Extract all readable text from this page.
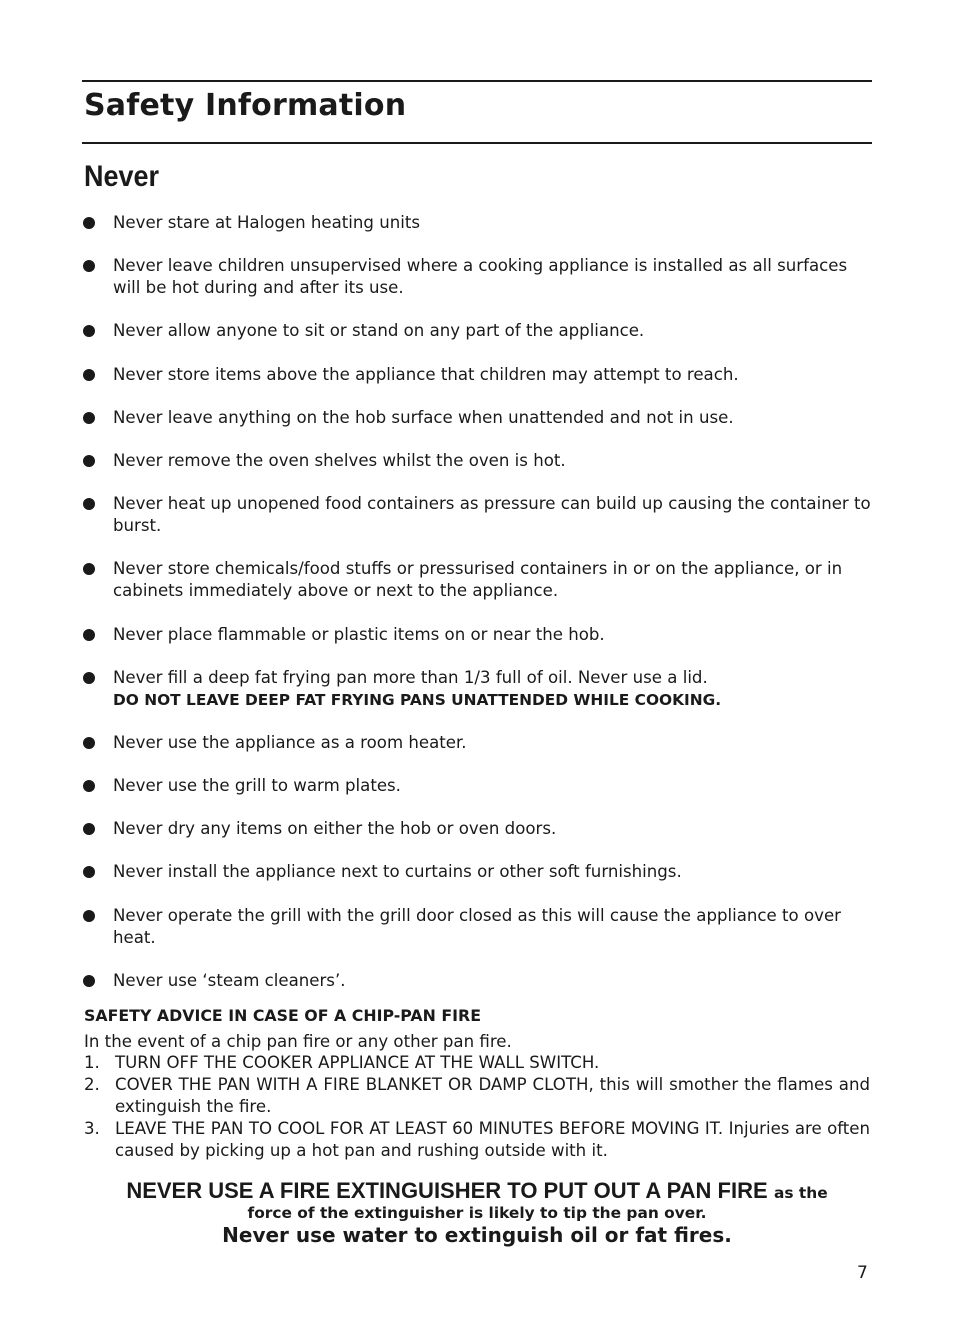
Safety Information
Never
Never stare at Halogen heating units
Never leave children unsupervised where a cooking appliance is installed as all surfaces will be hot during and after its use.
Never allow anyone to sit or stand on any part of the appliance.
Never store items above the appliance that children may attempt to reach.
Never leave anything on the hob surface when unattended and not in use.
Never remove the oven shelves whilst the oven is hot.
Never heat up unopened food containers as pressure can build up causing the container to burst.
Never store chemicals/food stuffs or pressurised containers in or on the appliance, or in cabinets immediately above or next to the appliance.
Never place flammable or plastic items on or near the hob.
Never fill a deep fat frying pan more than 1/3 full of oil. Never use a lid.
DO NOT LEAVE DEEP FAT FRYING PANS UNATTENDED WHILE COOKING.
Never use the appliance as a room heater.
Never use the grill to warm plates.
Never dry any items on either the hob or oven doors.
Never install the appliance next to curtains or other soft furnishings.
Never operate the grill with the grill door closed as this will cause the appliance to over heat.
Never use ‘steam cleaners’.
SAFETY ADVICE IN CASE OF A CHIP-PAN FIRE
In the event of a chip pan fire or any other pan fire.
1. TURN OFF THE COOKER APPLIANCE AT THE WALL SWITCH.
2. COVER THE PAN WITH A FIRE BLANKET OR DAMP CLOTH, this will smother the flames and extinguish the fire.
3. LEAVE THE PAN TO COOL FOR AT LEAST 60 MINUTES BEFORE MOVING IT. Injuries are often caused by picking up a hot pan and rushing outside with it.
NEVER USE A FIRE EXTINGUISHER TO PUT OUT A PAN FIRE as the
force of the extinguisher is likely to tip the pan over.
Never use water to extinguish oil or fat fires.
7
